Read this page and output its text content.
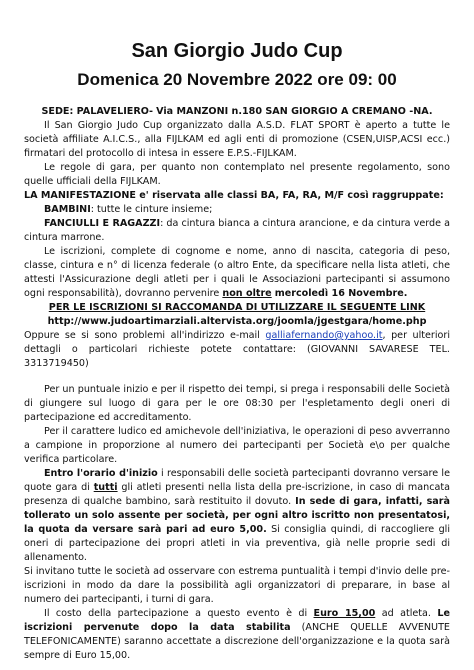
San Giorgio Judo Cup
Domenica 20 Novembre 2022 ore 09: 00

SEDE: PALAVELIERO- Via MANZONI n.180 SAN GIORGIO A CREMANO -NA.

Il San Giorgio Judo Cup organizzato dalla A.S.D. FLAT SPORT è aperto a tutte le società affiliate A.I.C.S., alla FIJLKAM ed agli enti di promozione (CSEN,UISP,ACSI ecc.) firmatari del protocollo di intesa in essere E.P.S.-FIJLKAM.

Le regole di gara, per quanto non contemplato nel presente regolamento, sono quelle ufficiali della FIJLKAM.

LA MANIFESTAZIONE e' riservata alle classi BA, FA, RA, M/F così raggruppate:

BAMBINI: tutte le cinture insieme;

FANCIULLI E RAGAZZI: da cintura bianca a cintura arancione, e da cintura verde a cintura marrone.

Le iscrizioni, complete di cognome e nome, anno di nascita, categoria di peso, classe, cintura e n° di licenza federale (o altro Ente, da specificare nella lista atleti, che attesti l'Assicurazione degli atleti per i quali le Associazioni partecipanti si assumono ogni responsabilità), dovranno pervenire non oltre mercoledì 16 Novembre.

PER LE ISCRIZIONI SI RACCOMANDA DI UTILIZZARE IL SEGUENTE LINK

http://www.judoartimarziali.altervista.org/joomla/jgestgara/home.php

Oppure se si sono problemi all'indirizzo e-mail galliafernando@yahoo.it, per ulteriori dettagli o particolari richieste potete contattare: (GIOVANNI SAVARESE TEL. 3313719450)

Per un puntuale inizio e per il rispetto dei tempi, si prega i responsabili delle Società di giungere sul luogo di gara per le ore 08:30 per l'espletamento degli oneri di partecipazione ed accreditamento.

Per il carattere ludico ed amichevole dell'iniziativa, le operazioni di peso avverranno a campione in proporzione al numero dei partecipanti per Società e\o per qualche verifica particolare.

Entro l'orario d'inizio i responsabili delle società partecipanti dovranno versare le quote gara di tutti gli atleti presenti nella lista della pre-iscrizione, in caso di mancata presenza di qualche bambino, sarà restituito il dovuto. In sede di gara, infatti, sarà tollerato un solo assente per società, per ogni altro iscritto non presentatosi, la quota da versare sarà pari ad euro 5,00. Si consiglia quindi, di raccogliere gli oneri di partecipazione dei propri atleti in via preventiva, già nelle proprie sedi di allenamento.

Si invitano tutte le società ad osservare con estrema puntualità i tempi d'invio delle pre-iscrizioni in modo da dare la possibilità agli organizzatori di preparare, in base al numero dei partecipanti, i turni di gara.

Il costo della partecipazione a questo evento è di Euro 15,00 ad atleta. Le iscrizioni pervenute dopo la data stabilita (ANCHE QUELLE AVVENUTE TELEFONICAMENTE) saranno accettate a discrezione dell'organizzazione e la quota sarà sempre di Euro 15,00.
